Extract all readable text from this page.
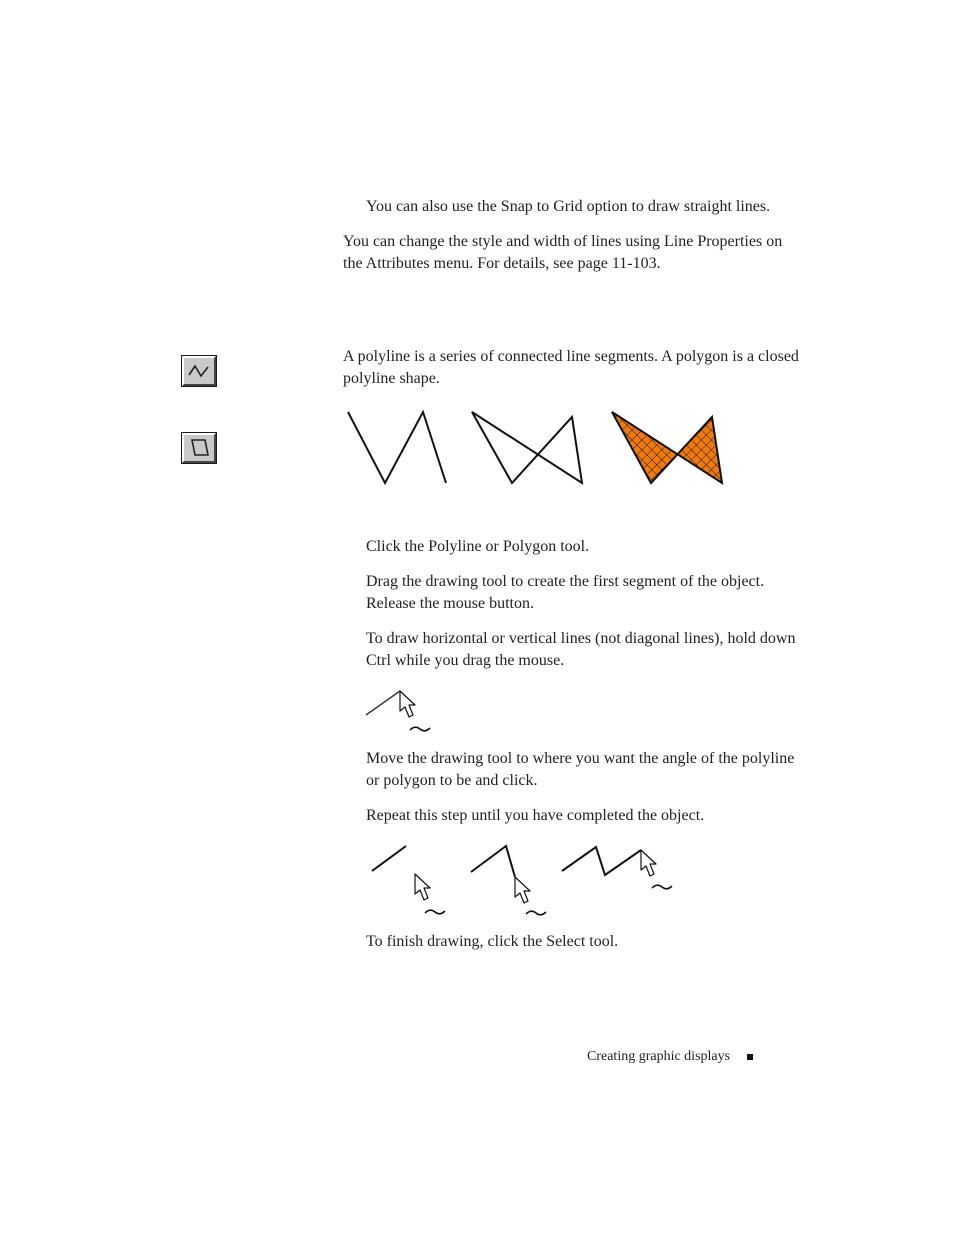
You can also use the Snap to Grid option to draw straight lines.

You can change the style and width of lines using Line Properties on

the Attributes menu. For details, see page 11-103.

A polyline is a series of connected line segments. A polygon is a closed

polyline shape.

Click the Polyline or Polygon tool.

Drag the drawing tool to create the first segment of the object.

Release the mouse button.

To draw horizontal or vertical lines (not diagonal lines), hold down

Ctrl while you drag the mouse.

Move the drawing tool to where you want the angle of the polyline

or polygon to be and click.

Repeat this step until you have completed the object.

To finish drawing, click the Select tool.

Creating graphic displays
